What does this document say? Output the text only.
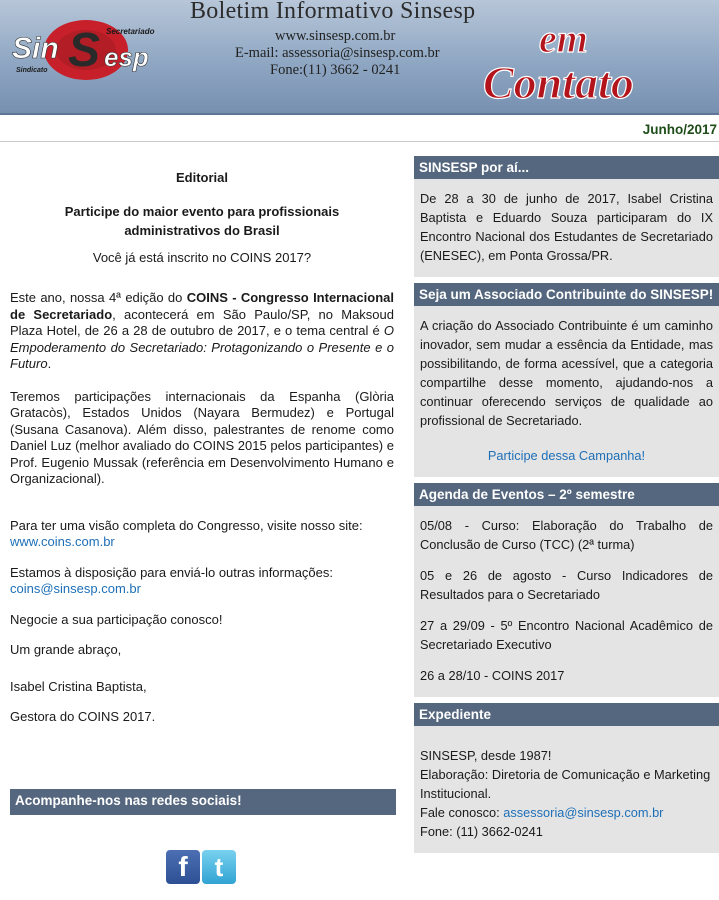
Sin S esp
Secretariado
Sindicato
Boletim Informativo Sinsesp
www.sinsesp.com.br
E-mail: assessoria@sinsesp.com.br
Fone:(11) 3662 - 0241
em
Contato
Junho/2017

Editorial

Participe do maior evento para profissionais administrativos do Brasil

Você já está inscrito no COINS 2017?

Este ano, nossa 4ª edição do COINS - Congresso Internacional de Secretariado, acontecerá em São Paulo/SP, no Maksoud Plaza Hotel, de 26 a 28 de outubro de 2017, e o tema central é O Empoderamento do Secretariado: Protagonizando o Presente e o Futuro.

Teremos participações internacionais da Espanha (Glòria Gratacòs), Estados Unidos (Nayara Bermudez) e Portugal (Susana Casanova). Além disso, palestrantes de renome como Daniel Luz (melhor avaliado do COINS 2015 pelos participantes) e Prof. Eugenio Mussak (referência em Desenvolvimento Humano e Organizacional).

Para ter uma visão completa do Congresso, visite nosso site:
www.coins.com.br

Estamos à disposição para enviá-lo outras informações:
coins@sinsesp.com.br

Negocie a sua participação conosco!

Um grande abraço,

Isabel Cristina Baptista,

Gestora do COINS 2017.

Acompanhe-nos nas redes sociais!
f	t
SINSESP por aí...

De 28 a 30 de junho de 2017, Isabel Cristina Baptista e Eduardo Souza participaram do IX Encontro Nacional dos Estudantes de Secretariado (ENESEC), em Ponta Grossa/PR.

Seja um Associado Contribuinte do SINSESP!

A criação do Associado Contribuinte é um caminho inovador, sem mudar a essência da Entidade, mas possibilitando, de forma acessível, que a categoria compartilhe desse momento, ajudando-nos a continuar oferecendo serviços de qualidade ao profissional de Secretariado.

Participe dessa Campanha!

Agenda de Eventos – 2º semestre

05/08 - Curso: Elaboração do Trabalho de Conclusão de Curso (TCC) (2ª turma)

05 e 26 de agosto - Curso Indicadores de Resultados para o Secretariado

27 a 29/09 - 5º Encontro Nacional Acadêmico de Secretariado Executivo

26 a 28/10 - COINS 2017

Expediente

SINSESP, desde 1987!

Elaboração: Diretoria de Comunicação e Marketing Institucional.

Fale conosco: assessoria@sinsesp.com.br

Fone: (11) 3662-0241
